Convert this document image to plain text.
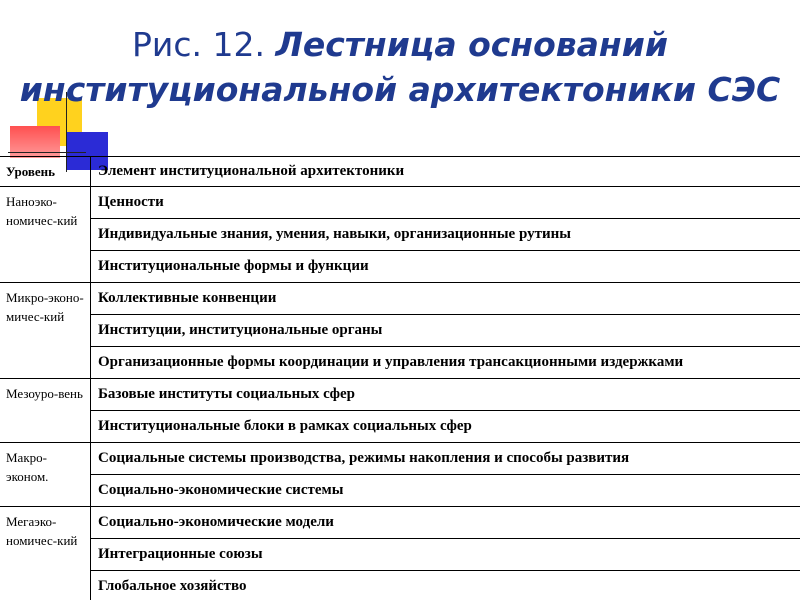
Рис. 12. Лестница оснований институциональной архитектоники СЭС
Уровень	Элемент институциональной архитектоники
Наноэко-номичес-кий	Ценности
	Индивидуальные знания, умения, навыки, организационные рутины
	Институциональные формы и функции
Микро-эконо-мичес-кий	Коллективные конвенции
	Институции, институциональные органы
	Организационные формы координации и управления трансакционными издержками
Мезоуро-вень	Базовые институты социальных сфер
	Институциональные блоки в рамках социальных сфер
Макро-эконом.	Социальные системы производства, режимы накопления и способы развития
	Социально-экономические системы
Мегаэко-номичес-кий	Социально-экономические модели
	Интеграционные союзы
	Глобальное хозяйство
